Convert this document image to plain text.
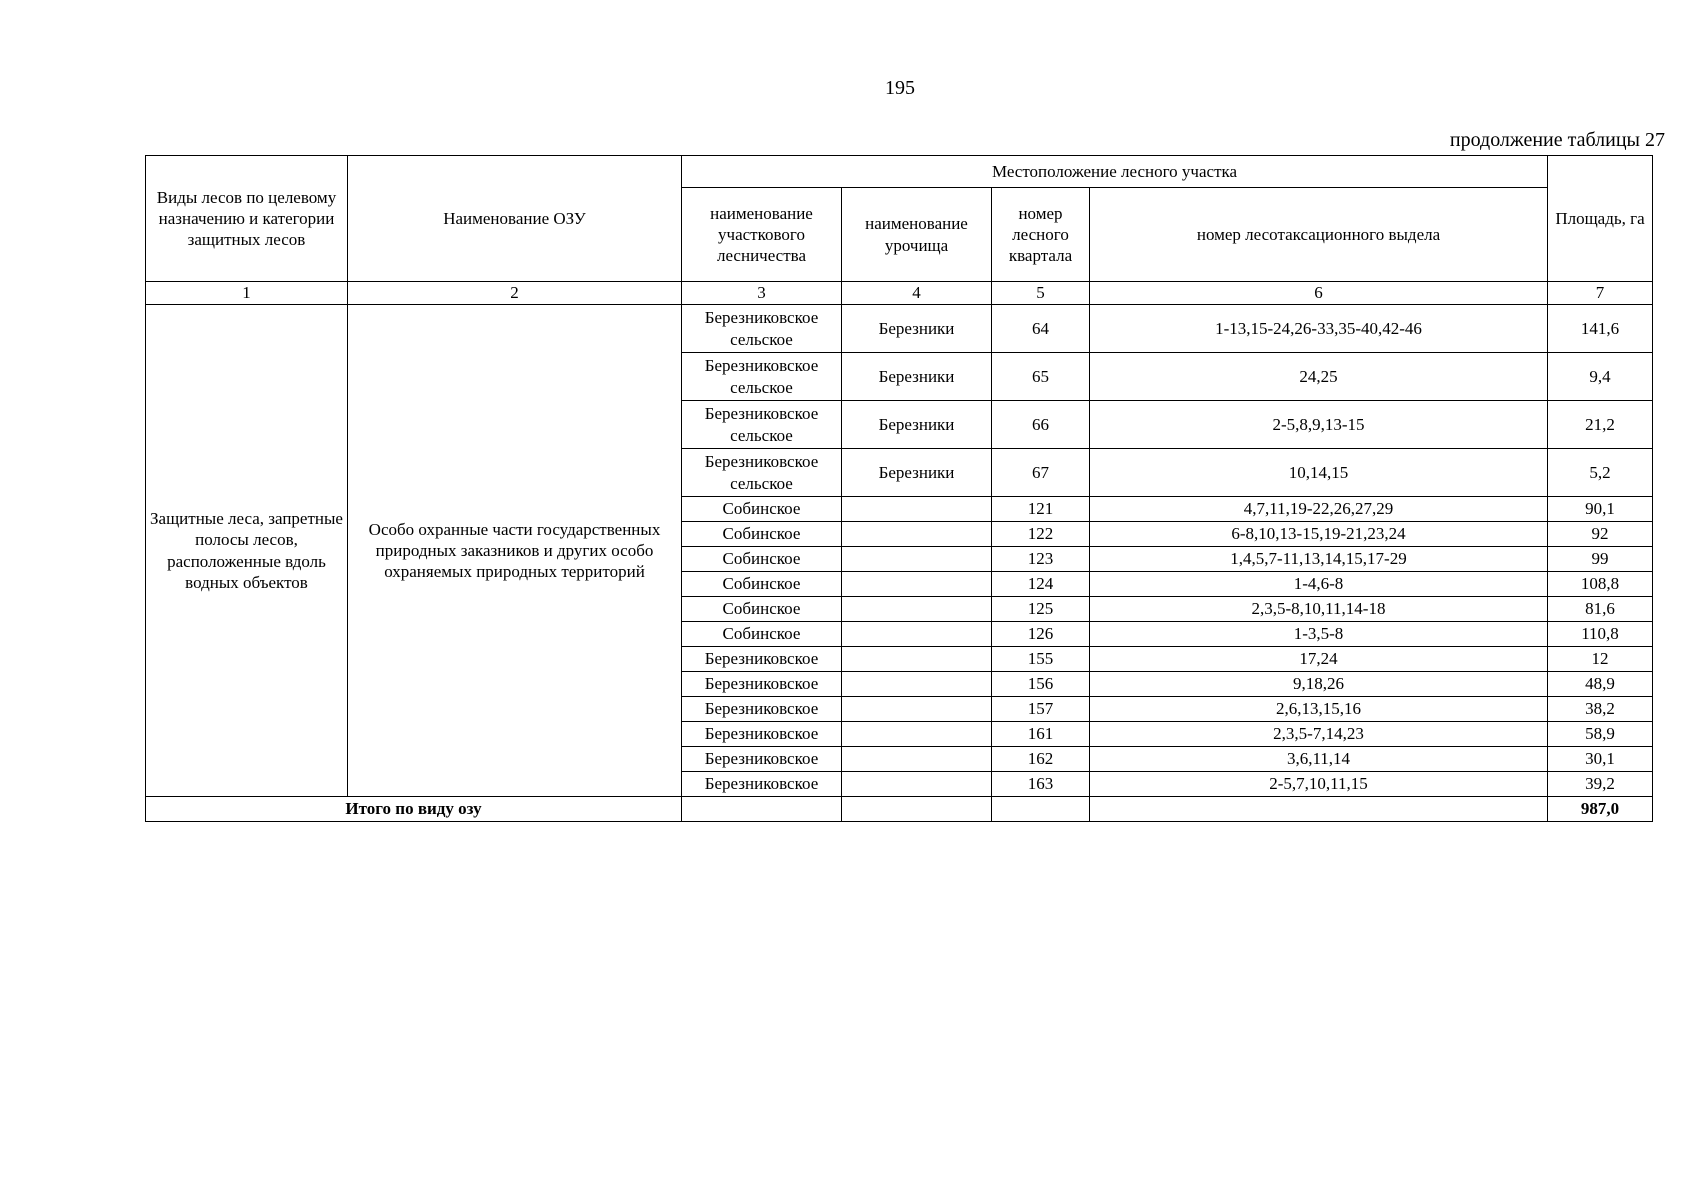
195
продолжение таблицы 27
Виды лесов по целевому назначению и категории защитных лесов	Наименование ОЗУ	Местоположение лесного участка				Площадь, га
		наименование участкового лесничества	наименование урочища	номер лесного квартала	номер лесотаксационного выдела	
1	2	3	4	5	6	7
Защитные леса, запретные полосы лесов, расположенные вдоль водных объектов	Особо охранные части государственных природных заказников и других особо охраняемых природных территорий	Березниковское сельское	Березники	64	1-13,15-24,26-33,35-40,42-46	141,6
		Березниковское сельское	Березники	65	24,25	9,4
		Березниковское сельское	Березники	66	2-5,8,9,13-15	21,2
		Березниковское сельское	Березники	67	10,14,15	5,2
		Собинское		121	4,7,11,19-22,26,27,29	90,1
		Собинское		122	6-8,10,13-15,19-21,23,24	92
		Собинское		123	1,4,5,7-11,13,14,15,17-29	99
		Собинское		124	1-4,6-8	108,8
		Собинское		125	2,3,5-8,10,11,14-18	81,6
		Собинское		126	1-3,5-8	110,8
		Березниковское		155	17,24	12
		Березниковское		156	9,18,26	48,9
		Березниковское		157	2,6,13,15,16	38,2
		Березниковское		161	2,3,5-7,14,23	58,9
		Березниковское		162	3,6,11,14	30,1
		Березниковское		163	2-5,7,10,11,15	39,2
Итого по виду озу						987,0
